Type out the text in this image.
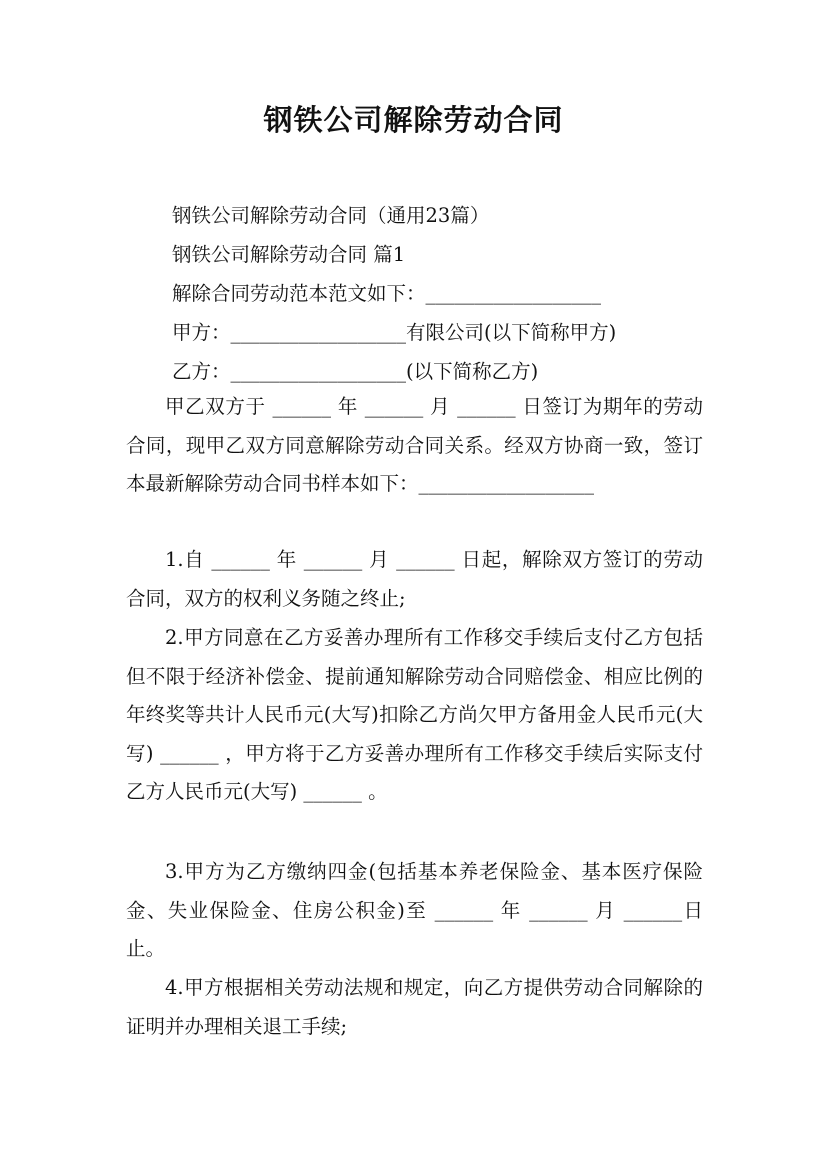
钢铁公司解除劳动合同

钢铁公司解除劳动合同（通用23篇）

钢铁公司解除劳动合同 篇1

解除合同劳动范本范文如下：__________________

甲方：__________________有限公司(以下简称甲方)

乙方：__________________(以下简称乙方)

甲乙双方于 ______ 年 ______ 月 ______ 日签订为期年的劳动合同，现甲乙双方同意解除劳动合同关系。经双方协商一致，签订本最新解除劳动合同书样本如下：__________________

1.自 ______ 年 ______ 月 ______ 日起，解除双方签订的劳动合同，双方的权利义务随之终止;

2.甲方同意在乙方妥善办理所有工作移交手续后支付乙方包括但不限于经济补偿金、提前通知解除劳动合同赔偿金、相应比例的年终奖等共计人民币元(大写)扣除乙方尚欠甲方备用金人民币元(大写) ______ ，甲方将于乙方妥善办理所有工作移交手续后实际支付乙方人民币元(大写) ______ 。

3.甲方为乙方缴纳四金(包括基本养老保险金、基本医疗保险金、失业保险金、住房公积金)至 ______ 年 ______ 月 ______日止。

4.甲方根据相关劳动法规和规定，向乙方提供劳动合同解除的证明并办理相关退工手续;
